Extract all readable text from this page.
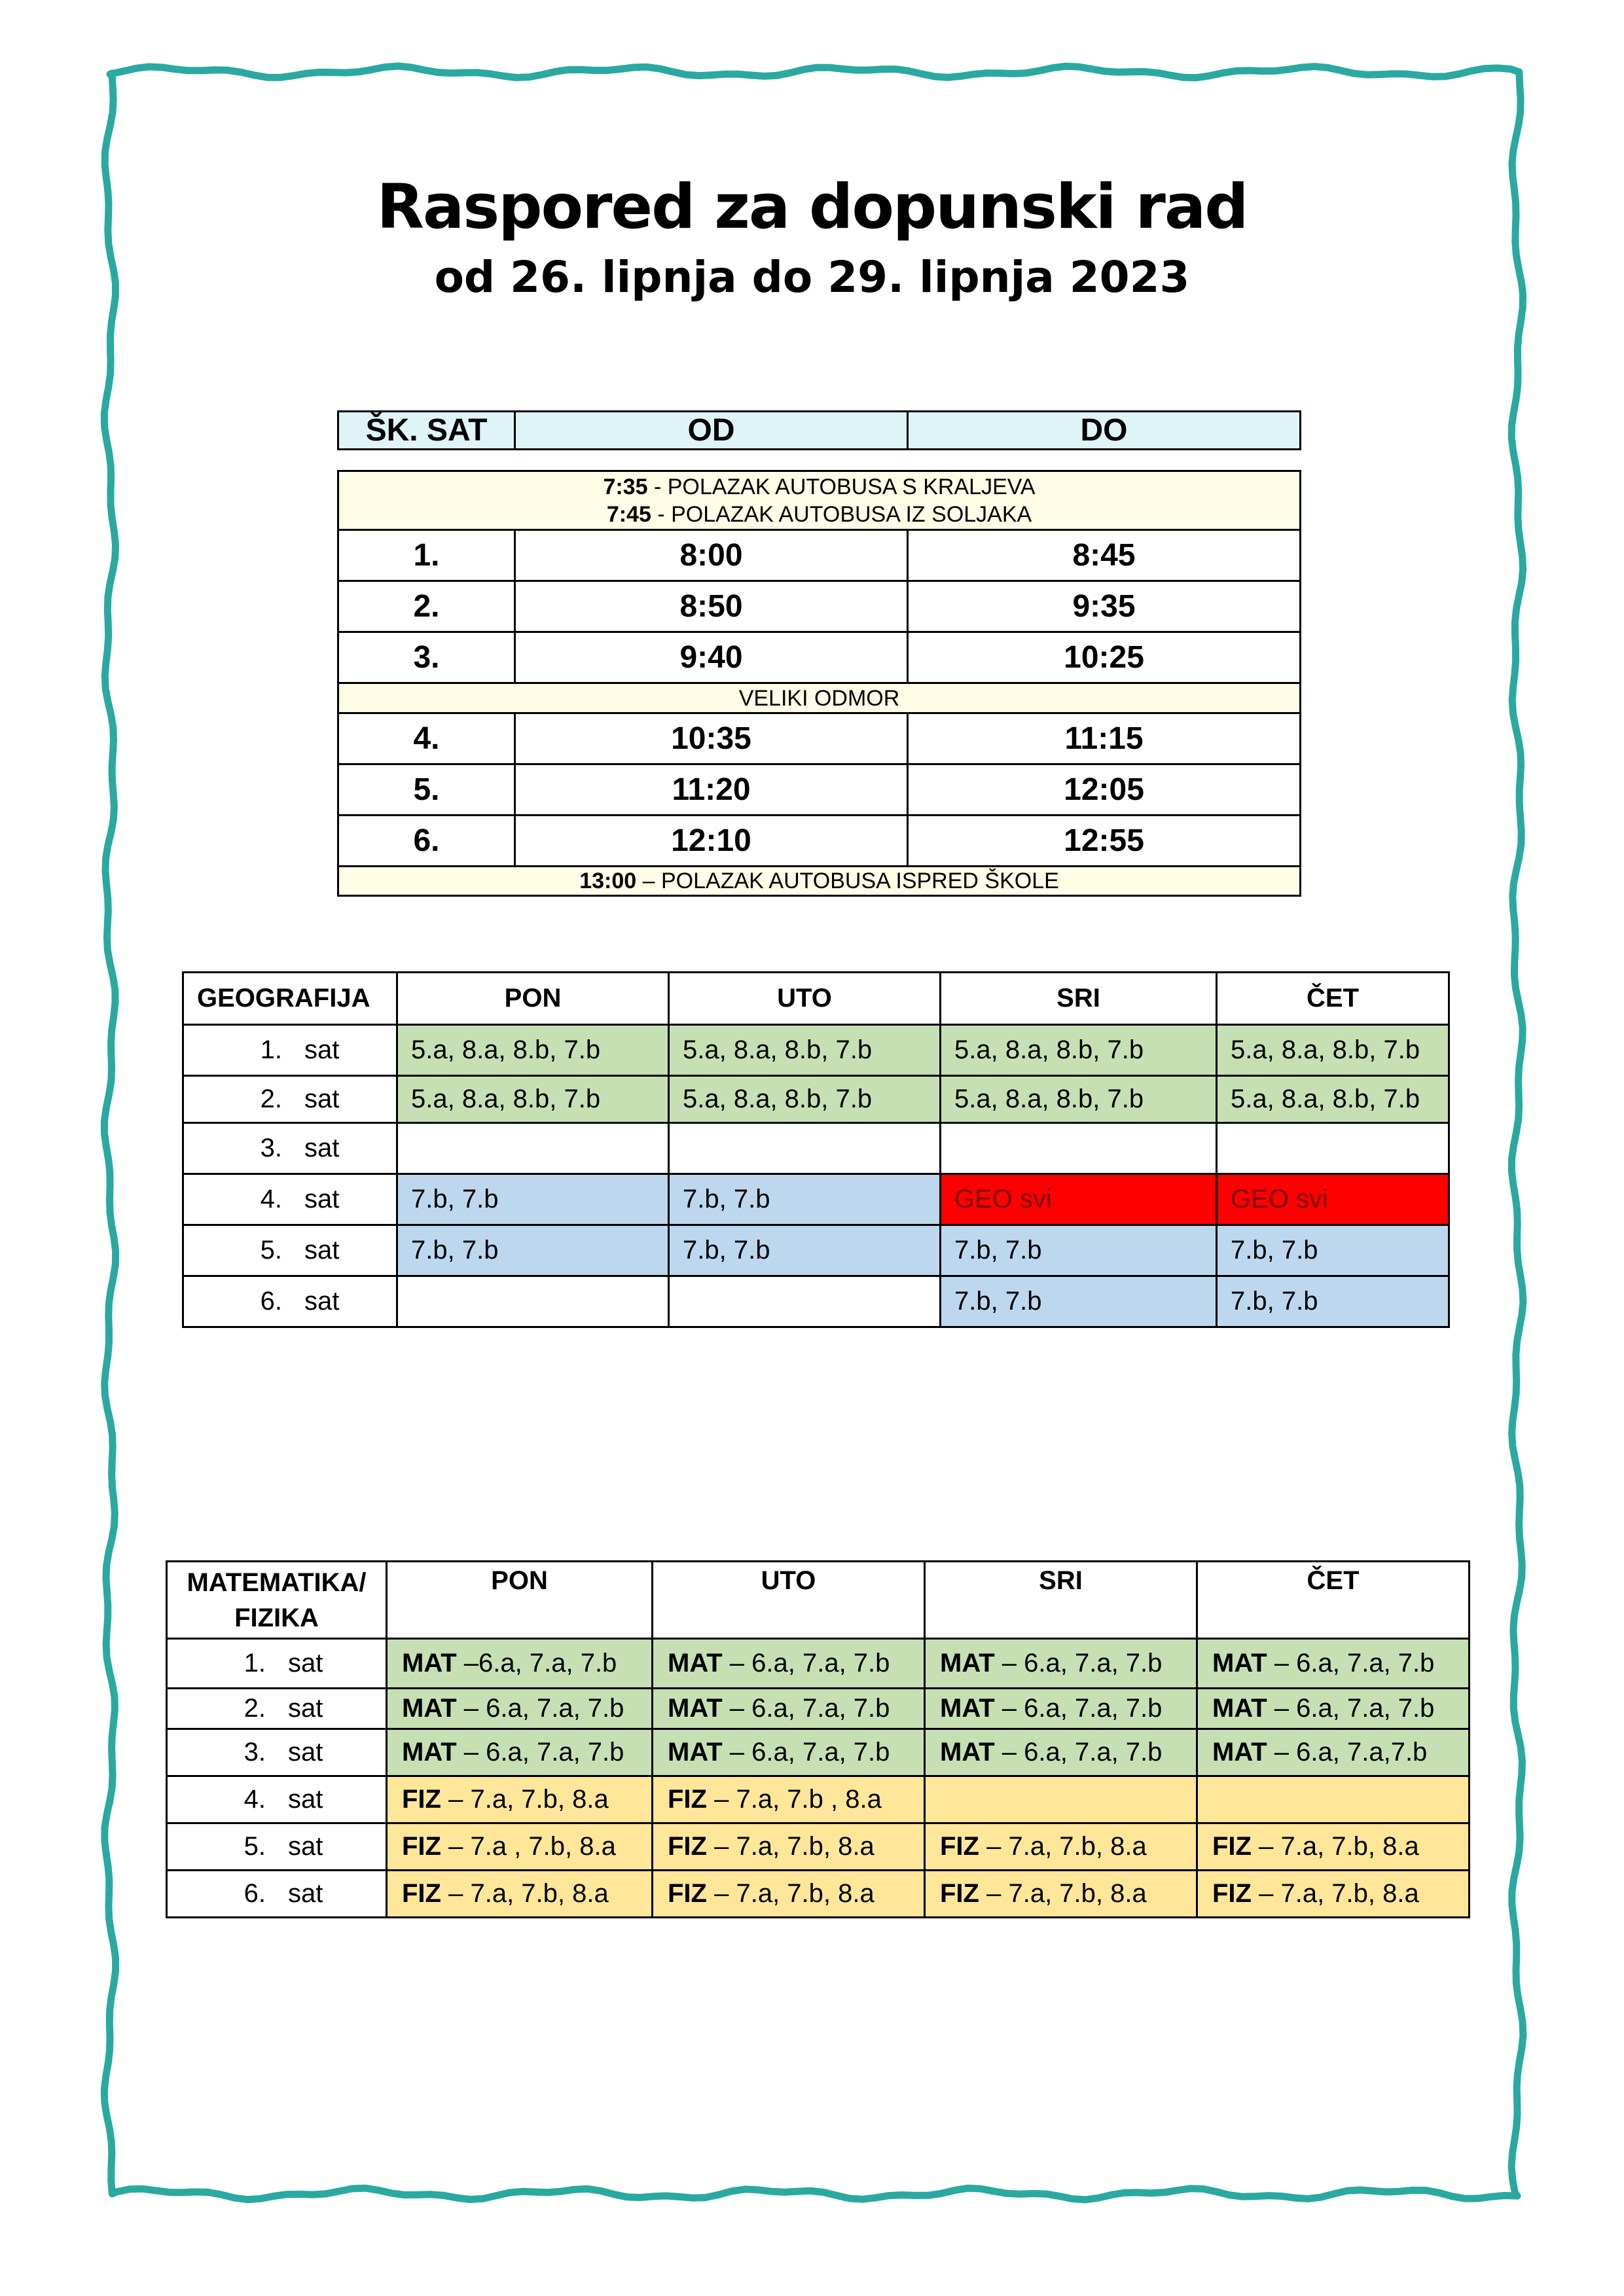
Raspored za dopunski rad
od 26. lipnja do 29. lipnja 2023
ŠK. SAT	OD	DO
7:35 - POLAZAK AUTOBUSA S KRALJEVA
7:45 - POLAZAK AUTOBUSA IZ SOLJAKA		

1.	8:00	8:45
2.	8:50	9:35
3.	9:40	10:25
VELIKI ODMOR		
4.	10:35	11:15
5.	11:20	12:05
6.	12:10	12:55
13:00 – POLAZAK AUTOBUSA ISPRED ŠKOLE		
GEOGRAFIJA	PON	UTO	SRI	ČET
1. sat	5.a, 8.a, 8.b, 7.b	5.a, 8.a, 8.b, 7.b	5.a, 8.a, 8.b, 7.b	5.a, 8.a, 8.b, 7.b
2. sat	5.a, 8.a, 8.b, 7.b	5.a, 8.a, 8.b, 7.b	5.a, 8.a, 8.b, 7.b	5.a, 8.a, 8.b, 7.b
3. sat				
4. sat	7.b, 7.b	7.b, 7.b	GEO svi	GEO svi
5. sat	7.b, 7.b	7.b, 7.b	7.b, 7.b	7.b, 7.b
6. sat			7.b, 7.b	7.b, 7.b
MATEMATIKA/
FIZIKA	PON	UTO	SRI	ČET
1. sat	MAT –6.a, 7.a, 7.b	MAT – 6.a, 7.a, 7.b	MAT – 6.a, 7.a, 7.b	MAT – 6.a, 7.a, 7.b
2. sat	MAT – 6.a, 7.a, 7.b	MAT – 6.a, 7.a, 7.b	MAT – 6.a, 7.a, 7.b	MAT – 6.a, 7.a, 7.b
3. sat	MAT – 6.a, 7.a, 7.b	MAT – 6.a, 7.a, 7.b	MAT – 6.a, 7.a, 7.b	MAT – 6.a, 7.a,7.b
4. sat	FIZ – 7.a, 7.b, 8.a	FIZ – 7.a, 7.b , 8.a		
5. sat	FIZ – 7.a , 7.b, 8.a	FIZ – 7.a, 7.b, 8.a	FIZ – 7.a, 7.b, 8.a	FIZ – 7.a, 7.b, 8.a
6. sat	FIZ – 7.a, 7.b, 8.a	FIZ – 7.a, 7.b, 8.a	FIZ – 7.a, 7.b, 8.a	FIZ – 7.a, 7.b, 8.a
